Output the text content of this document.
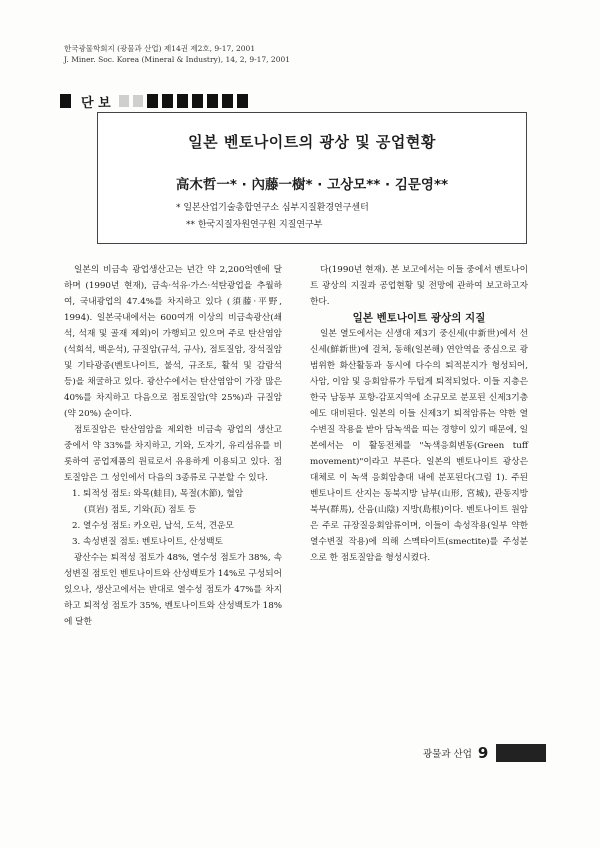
한국광물학회지 (광물과 산업) 제14권 제2호, 9-17, 2001
J. Miner. Soc. Korea (Mineral & Industry), 14, 2, 9-17, 2001
단 보
일본 벤토나이트의 광상 및 공업현황
高木哲一* · 內藤一樹* · 고상모** · 김문영**
* 일본산업기술총합연구소 심부지질환경연구센터
** 한국지질자원연구원 지질연구부

일본의 비금속 광업생산고는 년간 약 2,200억엔에 달하며 (1990년 현재), 금속·석유·가스·석탄광업을 추월하여, 국내광업의 47.4%를 차지하고 있다 (須藤·平野, 1994). 일본국내에서는 600여개 이상의 비금속광산(쇄석, 석재 및 골재 제외)이 가행되고 있으며 주로 탄산염암(석회석, 백운석), 규질암(규석, 규사), 점토질암, 장석질암 및 기타광종(벤토나이트, 불석, 규조토, 활석 및 감람석 등)을 채굴하고 있다. 광산수에서는 탄산염암이 가장 많은 40%를 차지하고 다음으로 점토질암(약 25%)과 규질암(약 20%) 순이다.

점토질암은 탄산염암을 제외한 비금속 광업의 생산고 중에서 약 33%를 차지하고, 기와, 도자기, 유리섬유를 비롯하여 공업제품의 원료로서 유용하게 이용되고 있다. 점토질암은 그 성인에서 다음의 3종류로 구분할 수 있다.

1. 퇴적성 점토: 와목(蛙目), 목절(木節), 혈암

(頁岩) 점토, 기와(瓦) 점토 등

2. 열수성 점토: 카오린, 납석, 도석, 견운모

3. 속성변질 점토: 벤토나이트, 산성백토

광산수는 퇴적성 점토가 48%, 열수성 점토가 38%, 속성변질 점토인 벤토나이트와 산성백토가 14%로 구성되어 있으나, 생산고에서는 반대로 열수성 점토가 47%를 차지하고 퇴적성 점토가 35%, 벤토나이트와 산성백토가 18%에 달한

다(1990년 현재). 본 보고에서는 이들 중에서 벤토나이트 광상의 지질과 공업현황 및 전망에 관하여 보고하고자 한다.

일본 벤토나이트 광상의 지질

일본 열도에서는 신생대 제3기 중신세(中新世)에서 선신세(鮮新世)에 걸쳐, 동해(일본해) 연안역을 중심으로 광범위한 화산활동과 동시에 다수의 퇴적분지가 형성되어, 사암, 이암 및 응회암류가 두텁게 퇴적되었다. 이들 지층은 한국 남동부 포항-감포지역에 소규모로 분포된 신제3기층에도 대비된다. 일본의 이들 신제3기 퇴적암류는 약한 열수변질 작용을 받아 담녹색을 띠는 경향이 있기 때문에, 일본에서는 이 활동전체를 "녹색응회변동(Green tuff movement)"이라고 부른다. 일본의 벤토나이트 광상은 대체로 이 녹색 응회암층대 내에 분포된다(그림 1). 주된 벤토나이트 산지는 동북지방 남부(山形, 宮城), 관동지방 북부(群馬), 산음(山陰) 지방(島根)이다. 벤토나이트 원암은 주로 규장질응회암류이며, 이들이 속성작용(일부 약한 열수변질 작용)에 의해 스멕타이트(smectite)를 주성분으로 한 점토질암을 형성시켰다.

광물과 산업 9
